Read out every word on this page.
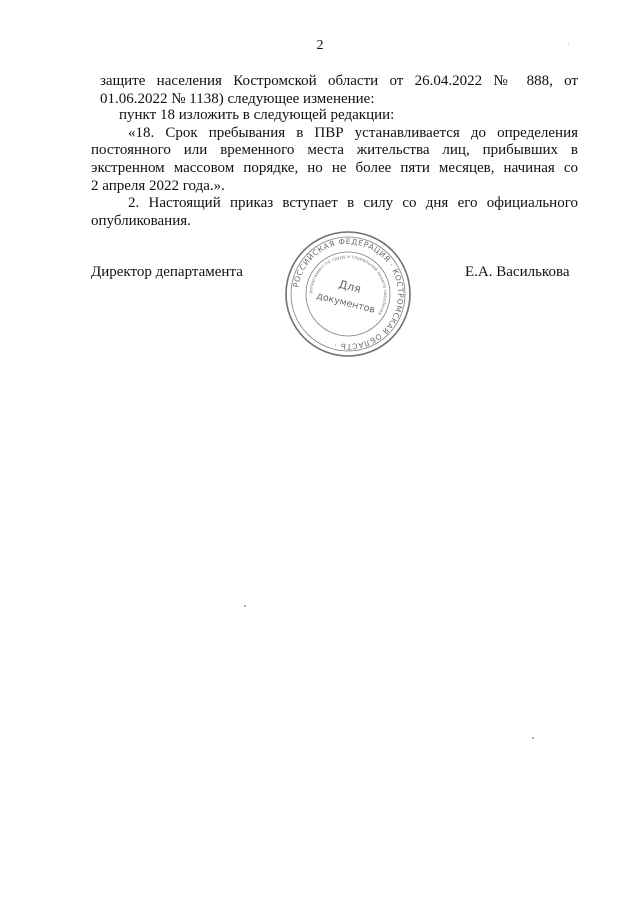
2
защите населения Костромской области от 26.04.2022 № 888, от
01.06.2022 № 1138) следующее изменение:
пункт 18 изложить в следующей редакции:
«18. Срок пребывания в ПВР устанавливается до определения
постоянного или временного места жительства лиц, прибывших в
экстренном массовом порядке, но не более пяти месяцев, начиная со
2 апреля 2022 года.».
2. Настоящий приказ вступает в силу со дня его официального
опубликования.
Директор департамента	Е.А. Василькова
РОССИЙСКАЯ ФЕДЕРАЦИЯ · КОСТРОМСКАЯ ОБЛАСТЬ ·
департамент по труду и социальной защите населения
Для
документов
